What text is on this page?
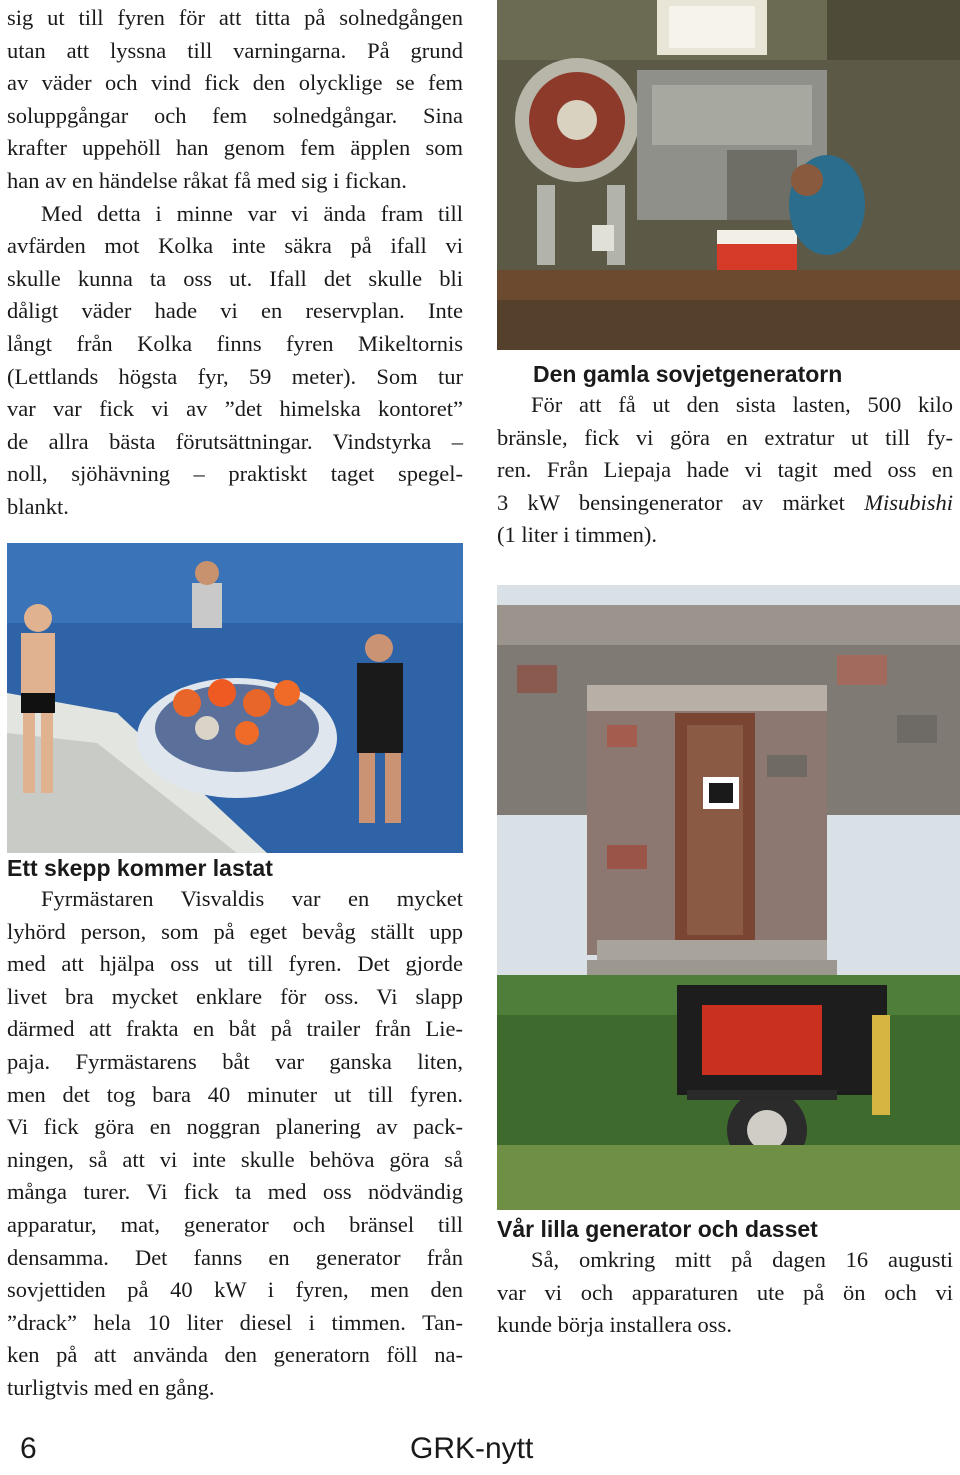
sig ut till fyren för att titta på solnedgången
utan att lyssna till varningarna. På grund
av väder och vind fick den olycklige se fem
soluppgångar och fem solnedgångar. Sina
krafter uppehöll han genom fem äpplen som
han av en händelse råkat få med sig i fickan.

Med detta i minne var vi ända fram till
avfärden mot Kolka inte säkra på ifall vi
skulle kunna ta oss ut. Ifall det skulle bli
dåligt väder hade vi en reservplan. Inte
långt från Kolka finns fyren Mikeltornis
(Lettlands högsta fyr, 59 meter). Som tur
var var fick vi av ”det himelska kontoret”
de allra bästa förutsättningar. Vindstyrka –
noll, sjöhävning – praktiskt taget spegel-
blankt.

Den gamla sovjetgeneratorn

För att få ut den sista lasten, 500 kilo
bränsle, fick vi göra en extratur ut till fy-
ren. Från Liepaja hade vi tagit med oss en
3 kW bensingenerator av märket Misubishi
(1 liter i timmen).

Ett skepp kommer lastat

Fyrmästaren Visvaldis var en mycket
lyhörd person, som på eget bevåg ställt upp
med att hjälpa oss ut till fyren. Det gjorde
livet bra mycket enklare för oss. Vi slapp
därmed att frakta en båt på trailer från Lie-
paja. Fyrmästarens båt var ganska liten,
men det tog bara 40 minuter ut till fyren.
Vi fick göra en noggran planering av pack-
ningen, så att vi inte skulle behöva göra så
många turer. Vi fick ta med oss nödvändig
apparatur, mat, generator och bränsel till
densamma. Det fanns en generator från
sovjettiden på 40 kW i fyren, men den
”drack” hela 10 liter diesel i timmen. Tan-
ken på att använda den generatorn föll na-
turligtvis med en gång.

Vår lilla generator och dasset

Så, omkring mitt på dagen 16 augusti
var vi och apparaturen ute på ön och vi
kunde börja installera oss.

6	GRK-nytt
